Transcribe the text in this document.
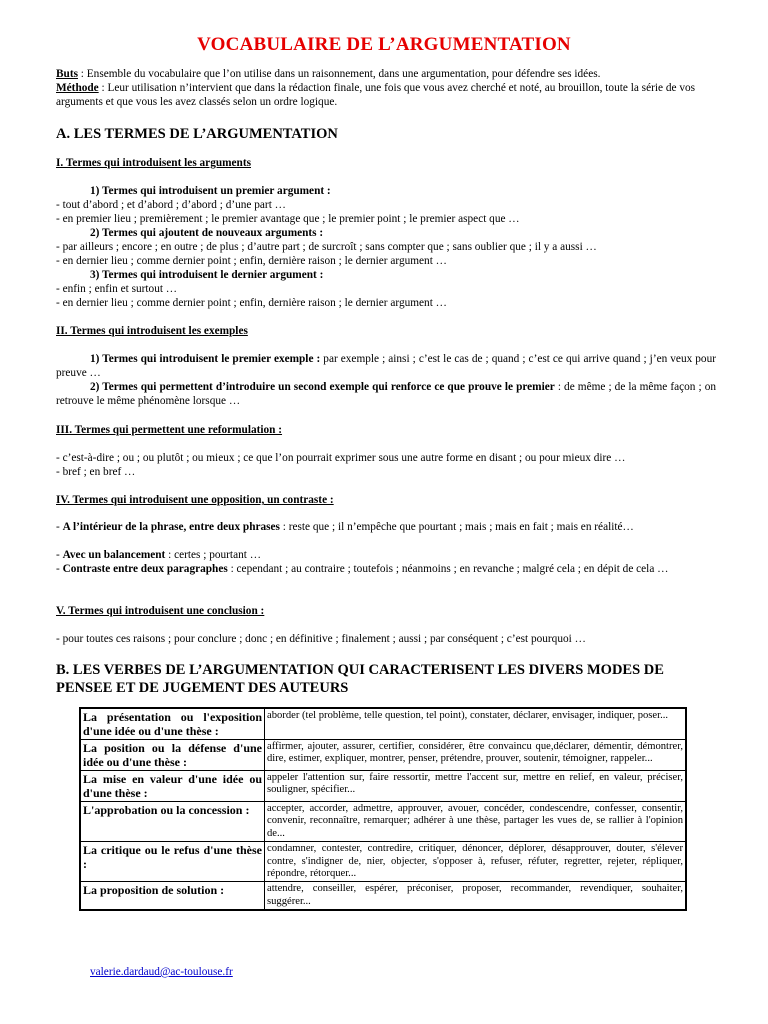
VOCABULAIRE DE L’ARGUMENTATION
Buts : Ensemble du vocabulaire que l’on utilise dans un raisonnement, dans une argumentation, pour défendre ses idées.
Méthode : Leur utilisation n’intervient que dans la rédaction finale, une fois que vous avez cherché et noté, au brouillon, toute la série de vos arguments et que vous les avez classés selon un ordre logique.
A. LES TERMES DE L’ARGUMENTATION
I. Termes qui introduisent les arguments
1) Termes qui introduisent un premier argument :
- tout d’abord ; et d’abord ; d’abord ; d’une part …
- en premier lieu ; premièrement ; le premier avantage que ; le premier point ; le premier aspect que …
2) Termes qui ajoutent de nouveaux arguments :
- par ailleurs ; encore ; en outre ; de plus ; d’autre part ; de surcroît ; sans compter que ; sans oublier que ; il y a aussi …
- en dernier lieu ; comme dernier point ; enfin, dernière raison ; le dernier argument …
3) Termes qui introduisent le dernier argument :
- enfin ; enfin et surtout …
- en dernier lieu ; comme dernier point ; enfin, dernière raison ; le dernier argument …
II. Termes qui introduisent les exemples
1) Termes qui introduisent le premier exemple : par exemple ; ainsi ; c’est le cas de ; quand ; c’est ce qui arrive quand ; j’en veux pour preuve …
2) Termes qui permettent d’introduire un second exemple qui renforce ce que prouve le premier : de même ; de la même façon ; on retrouve le même phénomène lorsque …
III. Termes qui permettent une reformulation :
- c’est-à-dire ; ou ; ou plutôt ; ou mieux ; ce que l’on pourrait exprimer sous une autre forme en disant ; ou pour mieux dire …
- bref ; en bref …
IV. Termes qui introduisent une opposition, un contraste :
- A l’intérieur de la phrase, entre deux phrases : reste que ; il n’empêche que pourtant ; mais ; mais en fait ; mais en réalité…
- Avec un balancement : certes ; pourtant …
- Contraste entre deux paragraphes : cependant ; au contraire ; toutefois ; néanmoins ; en revanche ; malgré cela ; en dépit de cela …
V. Termes qui introduisent une conclusion :
- pour toutes ces raisons ; pour conclure ; donc ; en définitive ; finalement ; aussi ; par conséquent ; c’est pourquoi …
B. LES VERBES DE L’ARGUMENTATION QUI CARACTERISENT LES DIVERS MODES DE PENSEE ET DE JUGEMENT DES AUTEURS
La présentation ou l'exposition d'une idée ou d'une thèse :	aborder (tel problème, telle question, tel point), constater, déclarer, envisager, indiquer, poser...
La position ou la défense d'une idée ou d'une thèse :	affirmer, ajouter, assurer, certifier, considérer, être convaincu que,déclarer, démentir, démontrer, dire, estimer, expliquer, montrer, penser, prétendre, prouver, soutenir, témoigner, rappeler...
La mise en valeur d'une idée ou d'une thèse :	appeler l'attention sur, faire ressortir, mettre l'accent sur, mettre en relief, en valeur, préciser, souligner, spécifier...
L'approbation ou la concession :	accepter, accorder, admettre, approuver, avouer, concéder, condescendre, confesser, consentir, convenir, reconnaître, remarquer; adhérer à une thèse, partager les vues de, se rallier à l'opinion de...
La critique ou le refus d'une thèse :	condamner, contester, contredire, critiquer, dénoncer, déplorer, désapprouver, douter, s'élever contre, s'indigner de, nier, objecter, s'opposer à, refuser, réfuter, regretter, rejeter, répliquer, répondre, rétorquer...
La proposition de solution :	attendre, conseiller, espérer, préconiser, proposer, recommander, revendiquer, souhaiter, suggérer...
valerie.dardaud@ac-toulouse.fr
